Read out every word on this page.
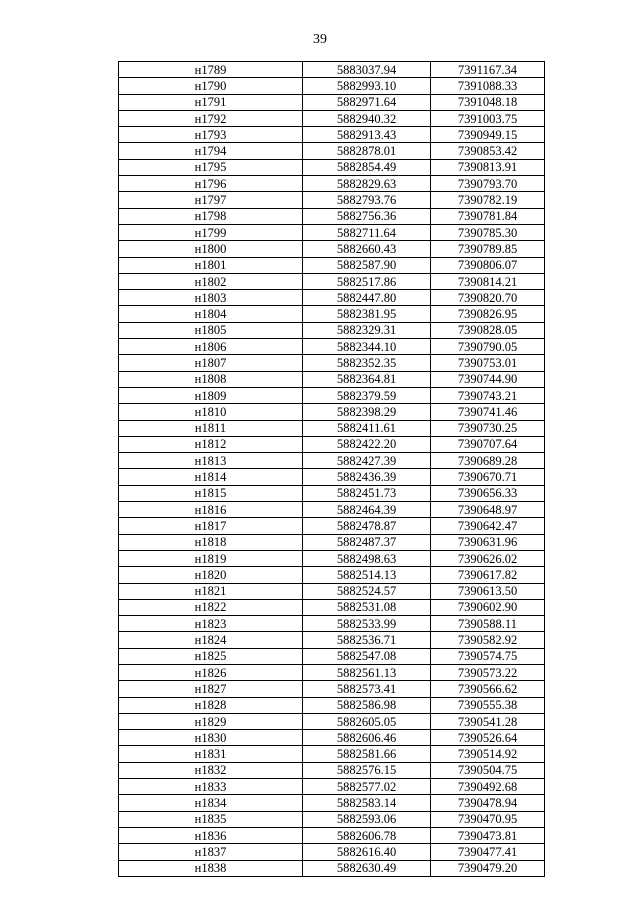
39
н1789	5883037.94	7391167.34
н1790	5882993.10	7391088.33
н1791	5882971.64	7391048.18
н1792	5882940.32	7391003.75
н1793	5882913.43	7390949.15
н1794	5882878.01	7390853.42
н1795	5882854.49	7390813.91
н1796	5882829.63	7390793.70
н1797	5882793.76	7390782.19
н1798	5882756.36	7390781.84
н1799	5882711.64	7390785.30
н1800	5882660.43	7390789.85
н1801	5882587.90	7390806.07
н1802	5882517.86	7390814.21
н1803	5882447.80	7390820.70
н1804	5882381.95	7390826.95
н1805	5882329.31	7390828.05
н1806	5882344.10	7390790.05
н1807	5882352.35	7390753.01
н1808	5882364.81	7390744.90
н1809	5882379.59	7390743.21
н1810	5882398.29	7390741.46
н1811	5882411.61	7390730.25
н1812	5882422.20	7390707.64
н1813	5882427.39	7390689.28
н1814	5882436.39	7390670.71
н1815	5882451.73	7390656.33
н1816	5882464.39	7390648.97
н1817	5882478.87	7390642.47
н1818	5882487.37	7390631.96
н1819	5882498.63	7390626.02
н1820	5882514.13	7390617.82
н1821	5882524.57	7390613.50
н1822	5882531.08	7390602.90
н1823	5882533.99	7390588.11
н1824	5882536.71	7390582.92
н1825	5882547.08	7390574.75
н1826	5882561.13	7390573.22
н1827	5882573.41	7390566.62
н1828	5882586.98	7390555.38
н1829	5882605.05	7390541.28
н1830	5882606.46	7390526.64
н1831	5882581.66	7390514.92
н1832	5882576.15	7390504.75
н1833	5882577.02	7390492.68
н1834	5882583.14	7390478.94
н1835	5882593.06	7390470.95
н1836	5882606.78	7390473.81
н1837	5882616.40	7390477.41
н1838	5882630.49	7390479.20
